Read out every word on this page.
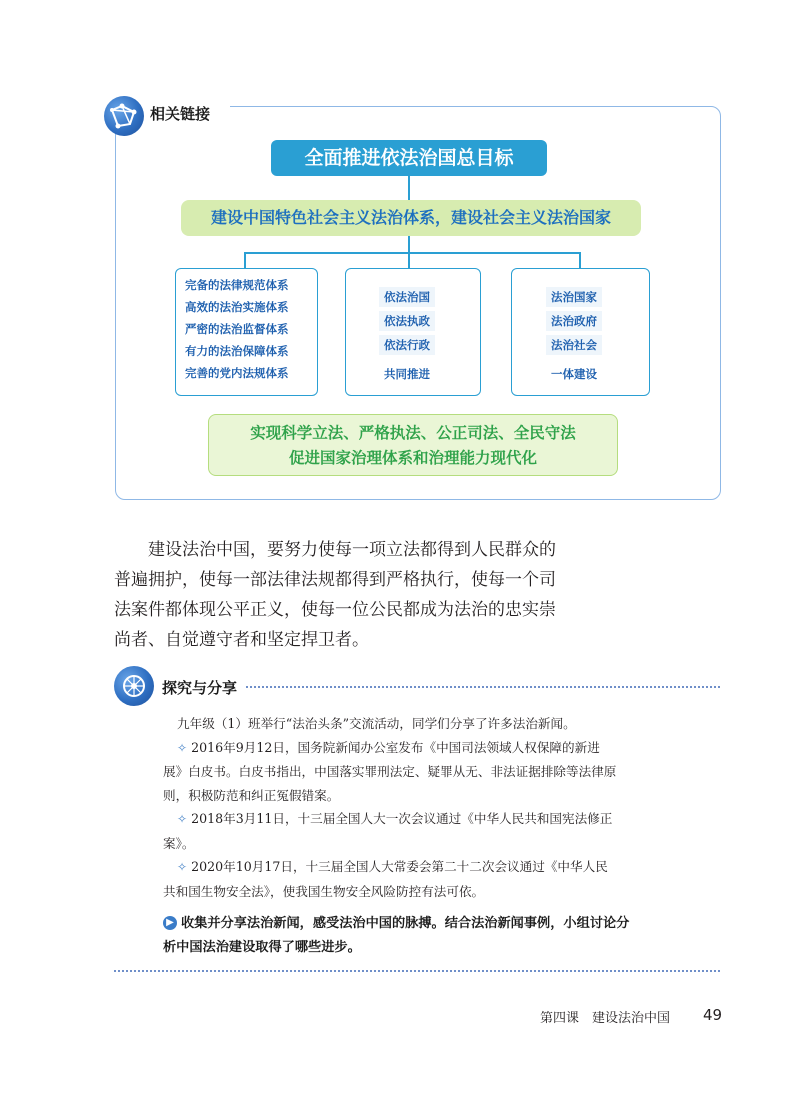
相关链接
全面推进依法治国总目标
建设中国特色社会主义法治体系，建设社会主义法治国家
完备的法律规范体系
高效的法治实施体系
严密的法治监督体系
有力的法治保障体系
完善的党内法规体系
依法治国
依法执政
依法行政
共同推进
法治国家
法治政府
法治社会
一体建设
实现科学立法、严格执法、公正司法、全民守法
促进国家治理体系和治理能力现代化
建设法治中国，要努力使每一项立法都得到人民群众的
普遍拥护，使每一部法律法规都得到严格执行，使每一个司
法案件都体现公平正义，使每一位公民都成为法治的忠实崇
尚者、自觉遵守者和坚定捍卫者。
探究与分享
九年级（1）班举行“法治头条”交流活动，同学们分享了许多法治新闻。
✧ 2016年9月12日，国务院新闻办公室发布《中国司法领域人权保障的新进
展》白皮书。白皮书指出，中国落实罪刑法定、疑罪从无、非法证据排除等法律原
则，积极防范和纠正冤假错案。
✧ 2018年3月11日，十三届全国人大一次会议通过《中华人民共和国宪法修正
案》。
✧ 2020年10月17日，十三届全国人大常委会第二十二次会议通过《中华人民
共和国生物安全法》，使我国生物安全风险防控有法可依。
▶ 收集并分享法治新闻，感受法治中国的脉搏。结合法治新闻事例，小组讨论分
析中国法治建设取得了哪些进步。
第四课　建设法治中国 49
